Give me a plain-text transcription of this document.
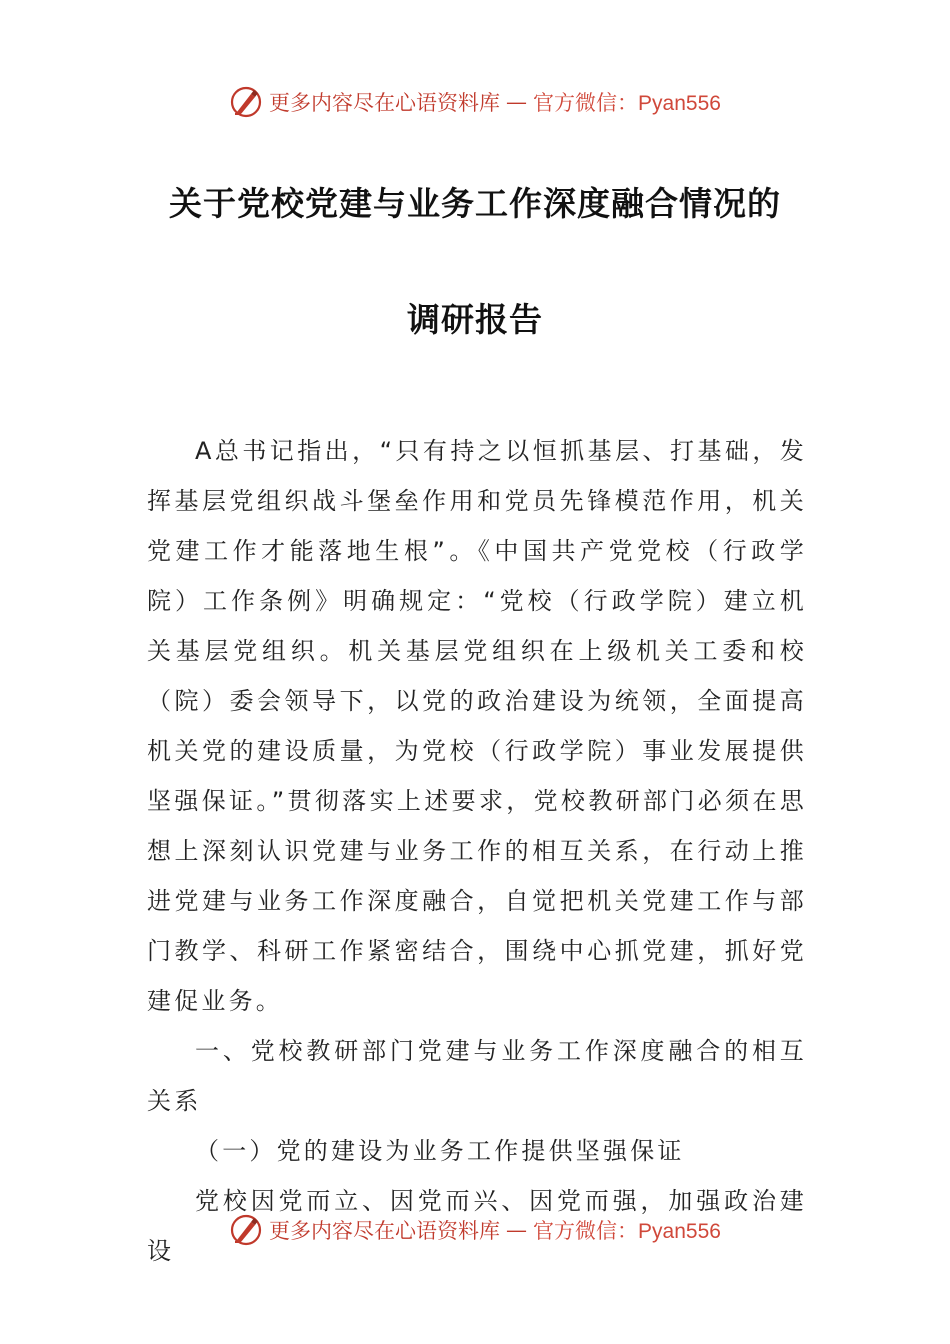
更多内容尽在心语资料库 — 官方微信：Pyan556
关于党校党建与业务工作深度融合情况的
调研报告

A总书记指出，“只有持之以恒抓基层、打基础，发挥基层党组织战斗堡垒作用和党员先锋模范作用，机关党建工作才能落地生根”。《中国共产党党校（行政学院）工作条例》明确规定：“党校（行政学院）建立机关基层党组织。机关基层党组织在上级机关工委和校（院）委会领导下，以党的政治建设为统领，全面提高机关党的建设质量，为党校（行政学院）事业发展提供坚强保证。”贯彻落实上述要求，党校教研部门必须在思想上深刻认识党建与业务工作的相互关系，在行动上推进党建与业务工作深度融合，自觉把机关党建工作与部门教学、科研工作紧密结合，围绕中心抓党建，抓好党建促业务。

一、党校教研部门党建与业务工作深度融合的相互关系

（一）党的建设为业务工作提供坚强保证

党校因党而立、因党而兴、因党而强，加强政治建设

更多内容尽在心语资料库 — 官方微信：Pyan556
